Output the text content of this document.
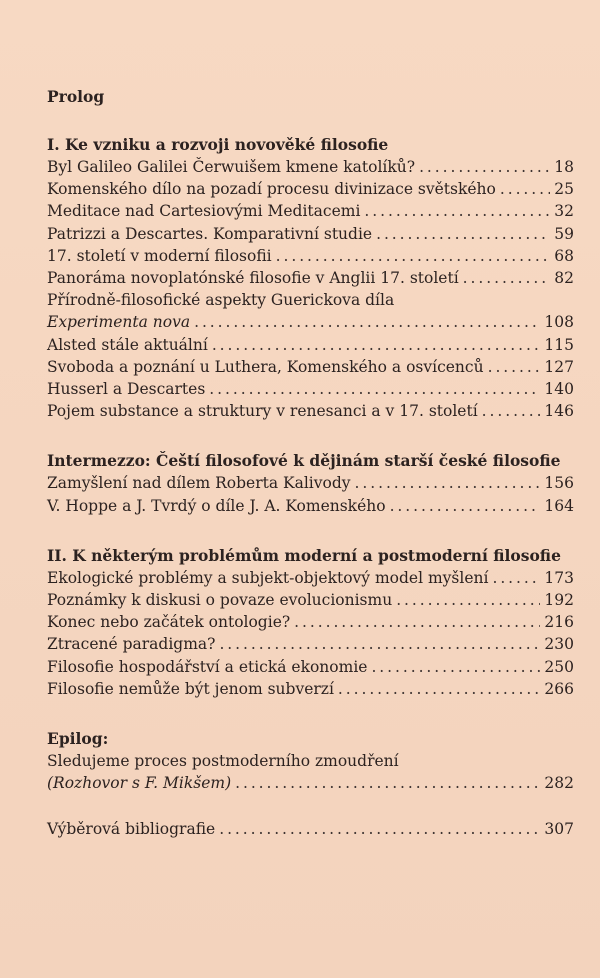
Prolog

I. Ke vzniku a rozvoji novověké filosofie

Byl Galileo Galilei Čerwuišem kmene katolíků? . . .	18
Komenského dílo na pozadí procesu divinizace světského . . .	25
Meditace nad Cartesiovými Meditacemi . . .	32
Patrizzi a Descartes. Komparativní studie . . .	59
17. století v moderní filosofii . . .	68
Panoráma novoplatónské filosofie v Anglii 17. století . . .	82
Přírodně-filosofické aspekty Guerickova díla
Experimenta nova . . .	108
Alsted stále aktuální . . .	115
Svoboda a poznání u Luthera, Komenského a osvícenců . . .	127
Husserl a Descartes . . .	140
Pojem substance a struktury v renesanci a v 17. století . . .	146

Intermezzo: Čeští filosofové k dějinám starší české filosofie

Zamyšlení nad dílem Roberta Kalivody . . .	156
V. Hoppe a J. Tvrdý o díle J. A. Komenského . . .	164

II. K některým problémům moderní a postmoderní filosofie

Ekologické problémy a subjekt-objektový model myšlení . . .	173
Poznámky k diskusi o povaze evolucionismu . . .	192
Konec nebo začátek ontologie? . . .	216
Ztracené paradigma? . . .	230
Filosofie hospodářství a etická ekonomie . . .	250
Filosofie nemůže být jenom subverzí . . .	266

Epilog:

Sledujeme proces postmoderního zmoudření
(Rozhovor s F. Mikšem) . . .	282
Výběrová bibliografie . . .	307
